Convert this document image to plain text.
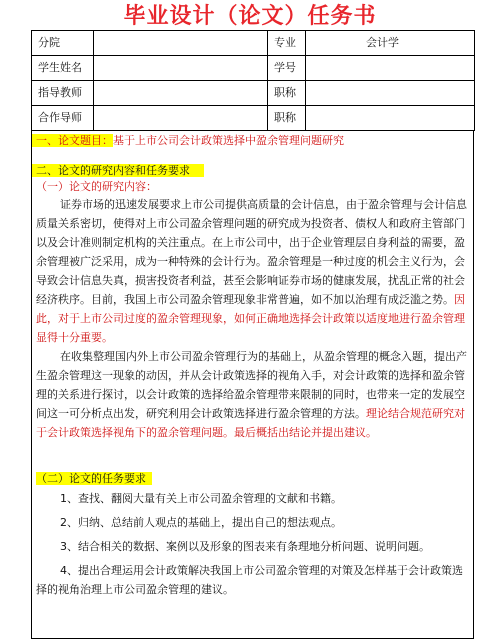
毕业设计（论文）任务书
分院		专业	会计学
学生姓名		学号	
指导教师		职称	
合作导师		职称	
一、论文题目：基于上市公司会计政策选择中盈余管理问题研究
二、论文的研究内容和任务要求
（一）论文的研究内容：

证券市场的迅速发展要求上市公司提供高质量的会计信息，由于盈余管理与会计信息质量关系密切，使得对上市公司盈余管理问题的研究成为投资者、债权人和政府主管部门以及会计准则制定机构的关注重点。在上市公司中，出于企业管理层自身利益的需要，盈余管理被广泛采用，成为一种特殊的会计行为。盈余管理是一种过度的机会主义行为，会导致会计信息失真，损害投资者利益，甚至会影响证券市场的健康发展，扰乱正常的社会经济秩序。目前，我国上市公司盈余管理现象非常普遍，如不加以治理有成泛滥之势。因此，对于上市公司过度的盈余管理现象，如何正确地选择会计政策以适度地进行盈余管理显得十分重要。

在收集整理国内外上市公司盈余管理行为的基础上，从盈余管理的概念入题，提出产生盈余管理这一现象的动因，并从会计政策选择的视角入手，对会计政策的选择和盈余管理的关系进行探讨，以会计政策的选择给盈余管理带来限制的同时，也带来一定的发展空间这一可分析点出发，研究利用会计政策选择进行盈余管理的方法。理论结合规范研究对于会计政策选择视角下的盈余管理问题。最后概括出结论并提出建议。

（二）论文的任务要求

1、查找、翻阅大量有关上市公司盈余管理的文献和书籍。

2、归纳、总结前人观点的基础上，提出自己的想法观点。

3、结合相关的数据、案例以及形象的图表来有条理地分析问题、说明问题。

4、提出合理运用会计政策解决我国上市公司盈余管理的对策及怎样基于会计政策选择的视角治理上市公司盈余管理的建议。
